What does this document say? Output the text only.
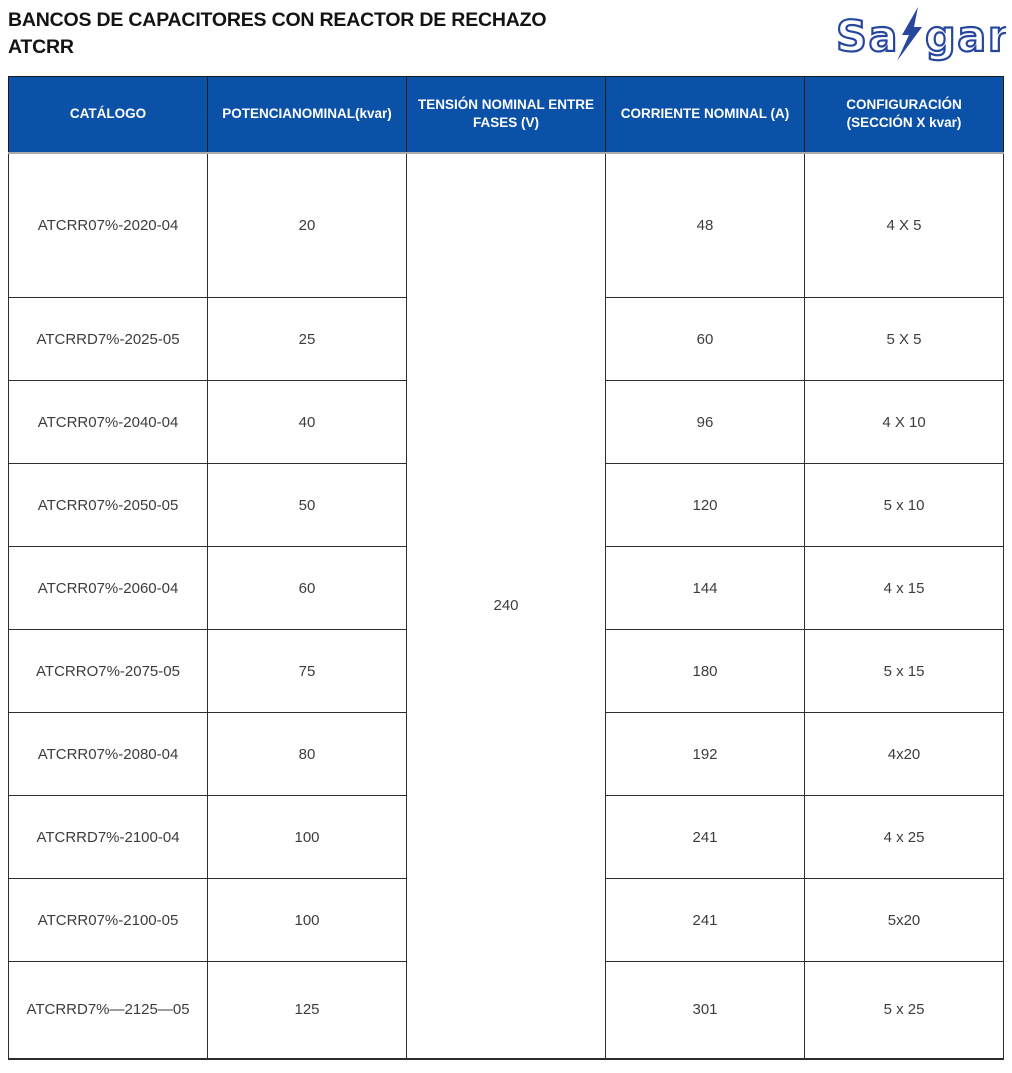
BANCOS DE CAPACITORES CON REACTOR DE RECHAZO
ATCRR	Sa gar
CATÁLOGO	POTENCIANOMINAL(kvar)	TENSIÓN NOMINAL ENTRE FASES (V)	CORRIENTE NOMINAL (A)	CONFIGURACIÓN (SECCIÓN X kvar)
ATCRR07%-2020-04	20	240	48	4 X 5
ATCRRD7%-2025-05	25		60	5 X 5
ATCRR07%-2040-04	40		96	4 X 10
ATCRR07%-2050-05	50		120	5 x 10
ATCRR07%-2060-04	60		144	4 x 15
ATCRRO7%-2075-05	75		180	5 x 15
ATCRR07%-2080-04	80		192	4x20
ATCRRD7%-2100-04	100		241	4 x 25
ATCRR07%-2100-05	100		241	5x20
ATCRRD7%—2125—05	125		301	5 x 25
